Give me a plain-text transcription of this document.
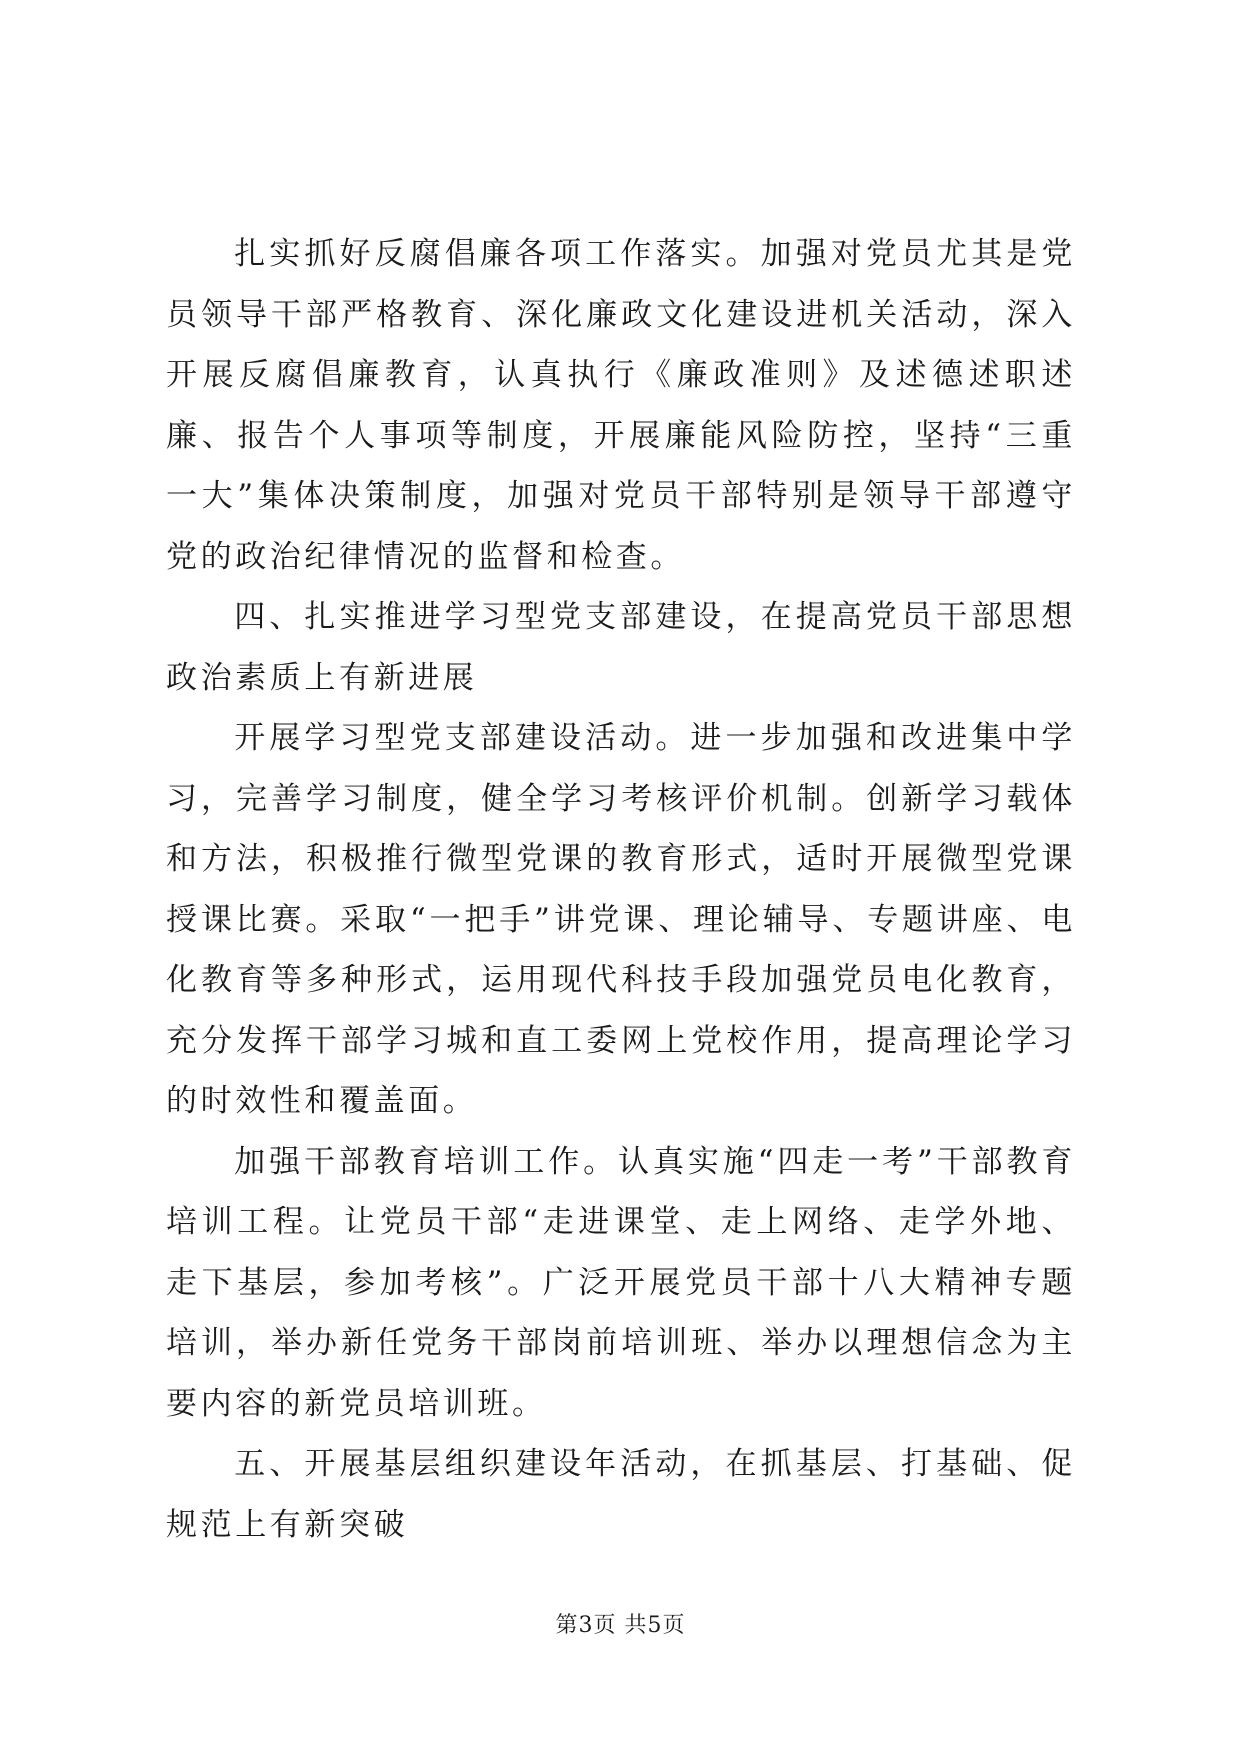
扎实抓好反腐倡廉各项工作落实。加强对党员尤其是党员领导干部严格教育、深化廉政文化建设进机关活动，深入开展反腐倡廉教育，认真执行《廉政准则》及述德述职述廉、报告个人事项等制度，开展廉能风险防控，坚持“三重一大”集体决策制度，加强对党员干部特别是领导干部遵守党的政治纪律情况的监督和检查。

四、扎实推进学习型党支部建设，在提高党员干部思想政治素质上有新进展

开展学习型党支部建设活动。进一步加强和改进集中学习，完善学习制度，健全学习考核评价机制。创新学习载体和方法，积极推行微型党课的教育形式，适时开展微型党课授课比赛。采取“一把手”讲党课、理论辅导、专题讲座、电化教育等多种形式，运用现代科技手段加强党员电化教育，充分发挥干部学习城和直工委网上党校作用，提高理论学习的时效性和覆盖面。

加强干部教育培训工作。认真实施“四走一考”干部教育培训工程。让党员干部“走进课堂、走上网络、走学外地、走下基层，参加考核”。广泛开展党员干部十八大精神专题培训，举办新任党务干部岗前培训班、举办以理想信念为主要内容的新党员培训班。

五、开展基层组织建设年活动，在抓基层、打基础、促规范上有新突破

第3页 共5页
